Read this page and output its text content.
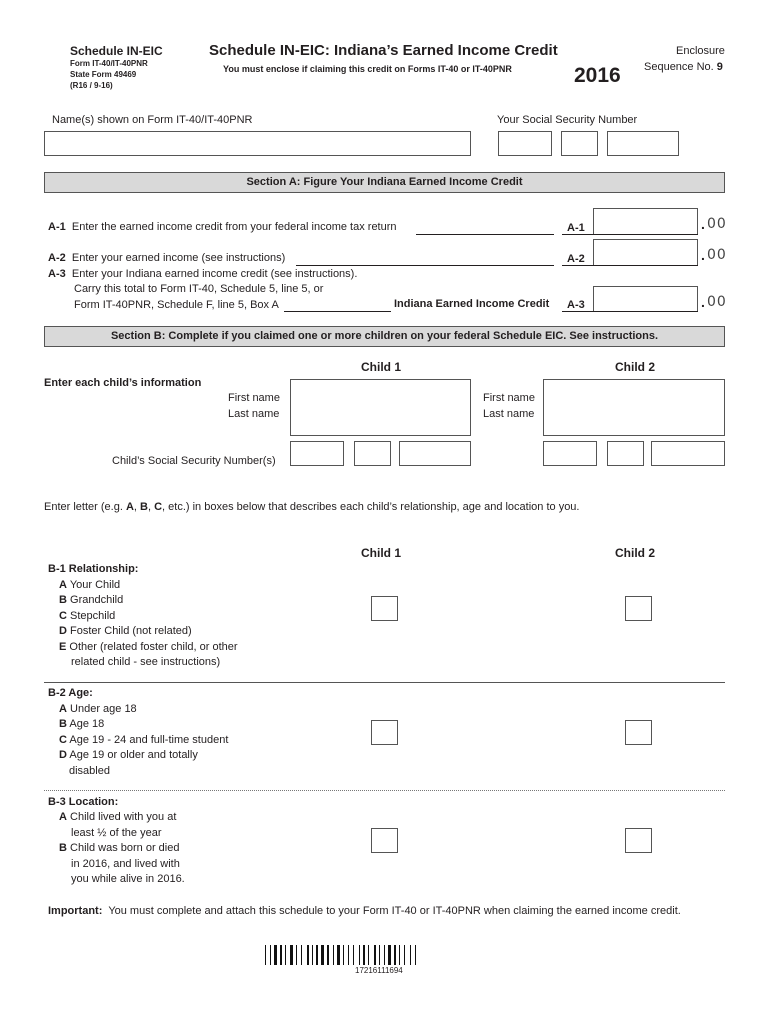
Schedule IN-EIC
Form IT-40/IT-40PNR
State Form 49469
(R16 / 9-16)
Schedule IN-EIC: Indiana’s Earned Income Credit
You must enclose if claiming this credit on Forms IT-40 or IT-40PNR	2016
Enclosure
Sequence No. 9
Name(s) shown on Form IT-40/IT-40PNR	Your Social Security Number
Section A: Figure Your Indiana Earned Income Credit
A-1 Enter the earned income credit from your federal income tax return	A-1	. 00
A-2 Enter your earned income (see instructions)	A-2	. 00
A-3 Enter your Indiana earned income credit (see instructions).
Carry this total to Form IT-40, Schedule 5, line 5, or
Form IT-40PNR, Schedule F, line 5, Box A	Indiana Earned Income Credit A-3	. 00
Section B: Complete if you claimed one or more children on your federal Schedule EIC. See instructions.
Child 1	Child 2
Enter each child’s information
First name
Last name
First name
Last name
Child’s Social Security Number(s)
Enter letter (e.g. A, B, C, etc.) in boxes below that describes each child’s relationship, age and location to you.
Child 1	Child 2
B-1 Relationship:
A Your Child
B Grandchild
C Stepchild
D Foster Child (not related)
E Other (related foster child, or other
related child - see instructions)
B-2 Age:
A Under age 18
B Age 18
C Age 19 - 24 and full-time student
D Age 19 or older and totally
disabled
B-3 Location:
A Child lived with you at
least ½ of the year
B Child was born or died
in 2016, and lived with
you while alive in 2016.
Important: You must complete and attach this schedule to your Form IT-40 or IT-40PNR when claiming the earned income credit.
17216111694
